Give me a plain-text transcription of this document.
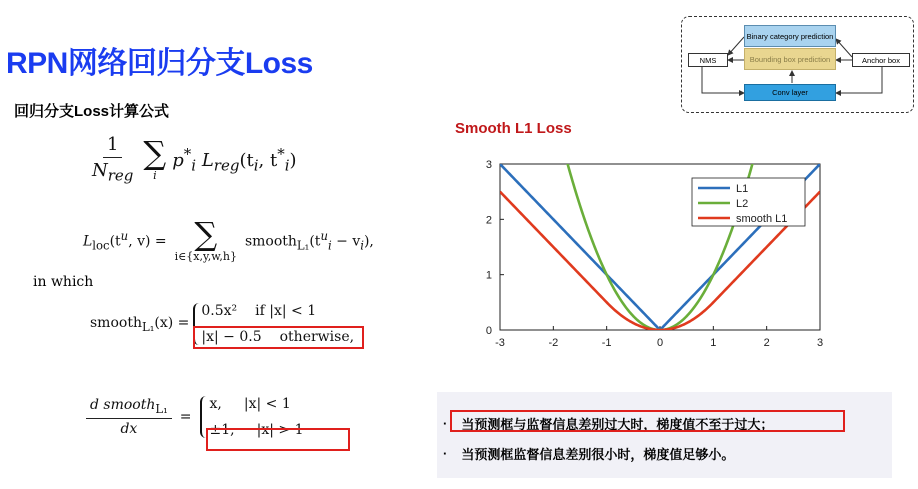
RPN网络回归分支Loss
回归分支Loss计算公式
$\frac{1}{N_{reg}}$ ∑
i
$p^*_i$ $L_{reg}(t_i$, $t^*_i$)
$L_{loc}(t^u$, v) = ∑
i∈{x,y,w,h}
$smooth_{L_1}(t^u_i - v_i)$,
in which
smooth$_{L_1}$(x) =
0.5x² if |x| < 1
|x| − 0.5 otherwise,
$\frac{d smooth_{L_1}}{dx}$ =
x, |x| < 1
±1, |x| > 1
Binary category prediction
Bounding box prediction
NMS	Anchor box
Conv layer
Smooth L1 Loss
-3	-2	-1	0	1	2	3
0
1
2
3
L1
L2
smooth L1
· 当预测框与监督信息差别过大时，梯度值不至于过大；
· 当预测框监督信息差别很小时，梯度值足够小。
